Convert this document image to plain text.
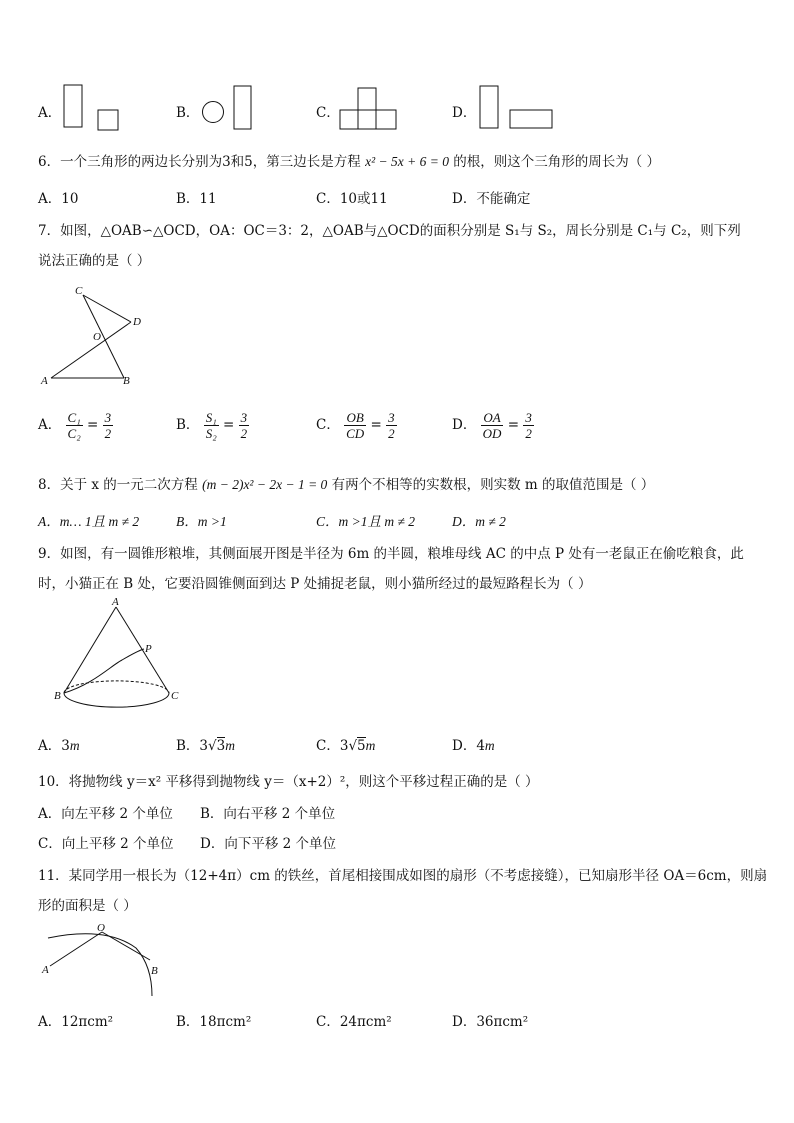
A．	B．	C．	D．
6．一个三角形的两边长分别为3和5，第三边长是方程 x² − 5x + 6 = 0 的根，则这个三角形的周长为（ ）
A．10	B．11	C．10或11	D．不能确定
7．如图，△OAB∽△OCD，OA：OC＝3：2，△OAB与△OCD的面积分别是 S₁与 S₂，周长分别是 C₁与 C₂，则下列
说法正确的是（ ）
C
D
O
A	B
A． $\frac{\text{C₁}}{\text{C₂}} = \frac{3}{2}$	B． $\frac{\text{S₁}}{\text{S₂}} = \frac{3}{2}$	C． $\frac{OB}{CD} = \frac{3}{2}$	D． $\frac{OA}{OD} = \frac{3}{2}$
8．关于 x 的一元二次方程 (m − 2)x² − 2x − 1 = 0 有两个不相等的实数根，则实数 m 的取值范围是（ ）
A．m… 1且 m ≠ 2	B．m >1	C．m >1且 m ≠ 2	D．m ≠ 2
9．如图，有一圆锥形粮堆，其侧面展开图是半径为 6m 的半圆，粮堆母线 AC 的中点 P 处有一老鼠正在偷吃粮食，此
时，小猫正在 B 处，它要沿圆锥侧面到达 P 处捕捉老鼠，则小猫所经过的最短路程长为（ ）
A
P
B	C
A．3m	B．3√3m	C．3√5m	D．4m
10．将抛物线 y＝x² 平移得到抛物线 y＝（x+2）²，则这个平移过程正确的是（ ）
A．向左平移 2 个单位 B．向右平移 2 个单位
C．向上平移 2 个单位 D．向下平移 2 个单位
11．某同学用一根长为（12+4π）cm 的铁丝，首尾相接围成如图的扇形（不考虑接缝），已知扇形半径 OA＝6cm，则扇
形的面积是（ ）
O
A	B
A．12πcm²	B．18πcm²	C．24πcm²	D．36πcm²
